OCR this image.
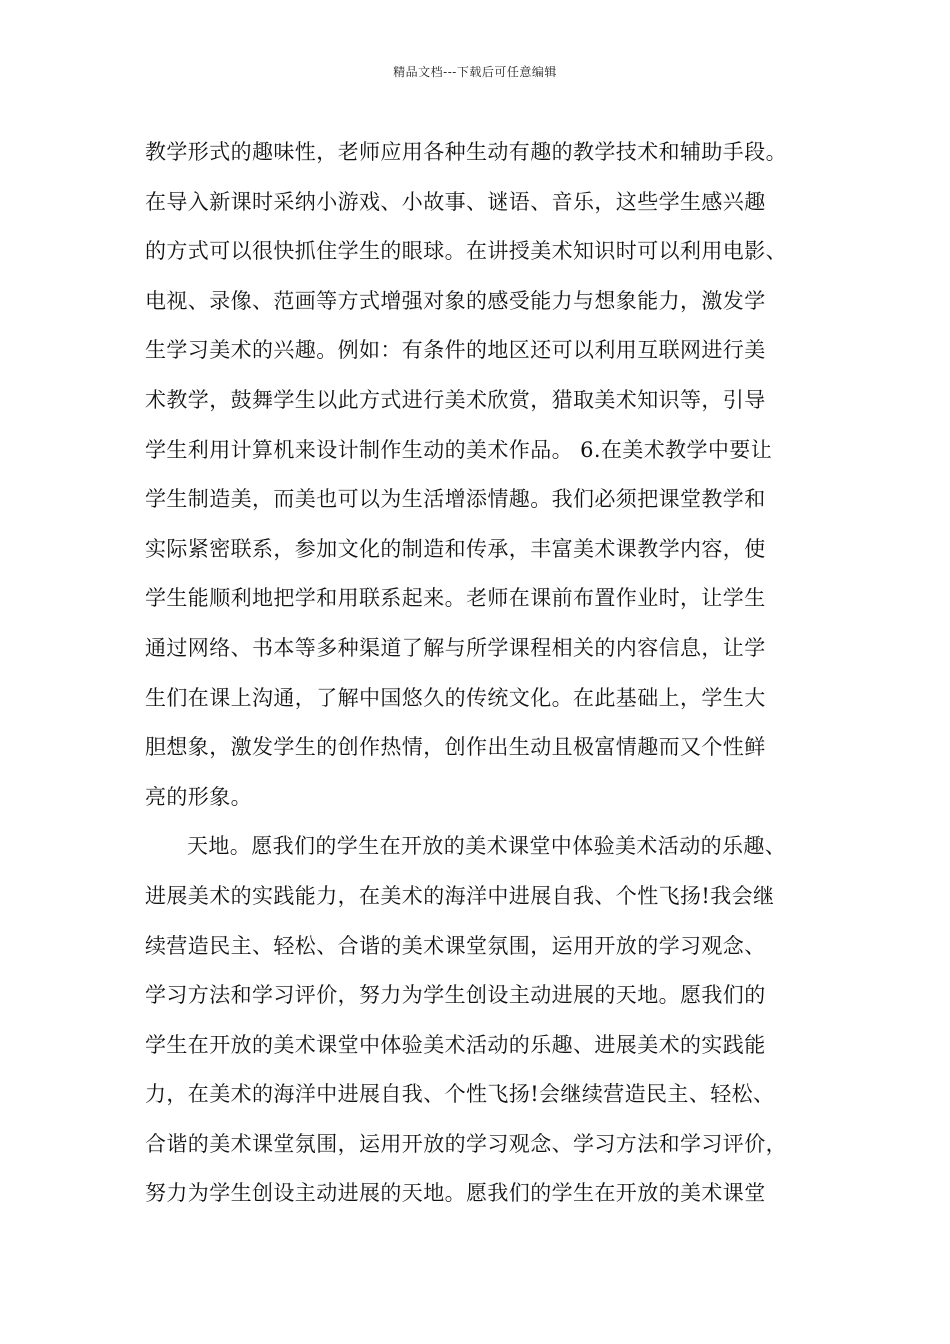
精品文档---下载后可任意编辑
教学形式的趣味性，老师应用各种生动有趣的教学技术和辅助手段。
在导入新课时采纳小游戏、小故事、谜语、音乐，这些学生感兴趣
的方式可以很快抓住学生的眼球。在讲授美术知识时可以利用电影、
电视、录像、范画等方式增强对象的感受能力与想象能力，激发学
生学习美术的兴趣。例如：有条件的地区还可以利用互联网进行美
术教学，鼓舞学生以此方式进行美术欣赏，猎取美术知识等，引导
学生利用计算机来设计制作生动的美术作品。 6.在美术教学中要让
学生制造美，而美也可以为生活增添情趣。我们必须把课堂教学和
实际紧密联系，参加文化的制造和传承，丰富美术课教学内容，使
学生能顺利地把学和用联系起来。老师在课前布置作业时，让学生
通过网络、书本等多种渠道了解与所学课程相关的内容信息，让学
生们在课上沟通，了解中国悠久的传统文化。在此基础上，学生大
胆想象，激发学生的创作热情，创作出生动且极富情趣而又个性鲜
亮的形象。
天地。愿我们的学生在开放的美术课堂中体验美术活动的乐趣、
进展美术的实践能力，在美术的海洋中进展自我、个性飞扬!我会继
续营造民主、轻松、合谐的美术课堂氛围，运用开放的学习观念、
学习方法和学习评价，努力为学生创设主动进展的天地。愿我们的
学生在开放的美术课堂中体验美术活动的乐趣、进展美术的实践能
力，在美术的海洋中进展自我、个性飞扬!会继续营造民主、轻松、
合谐的美术课堂氛围，运用开放的学习观念、学习方法和学习评价，
努力为学生创设主动进展的天地。愿我们的学生在开放的美术课堂
